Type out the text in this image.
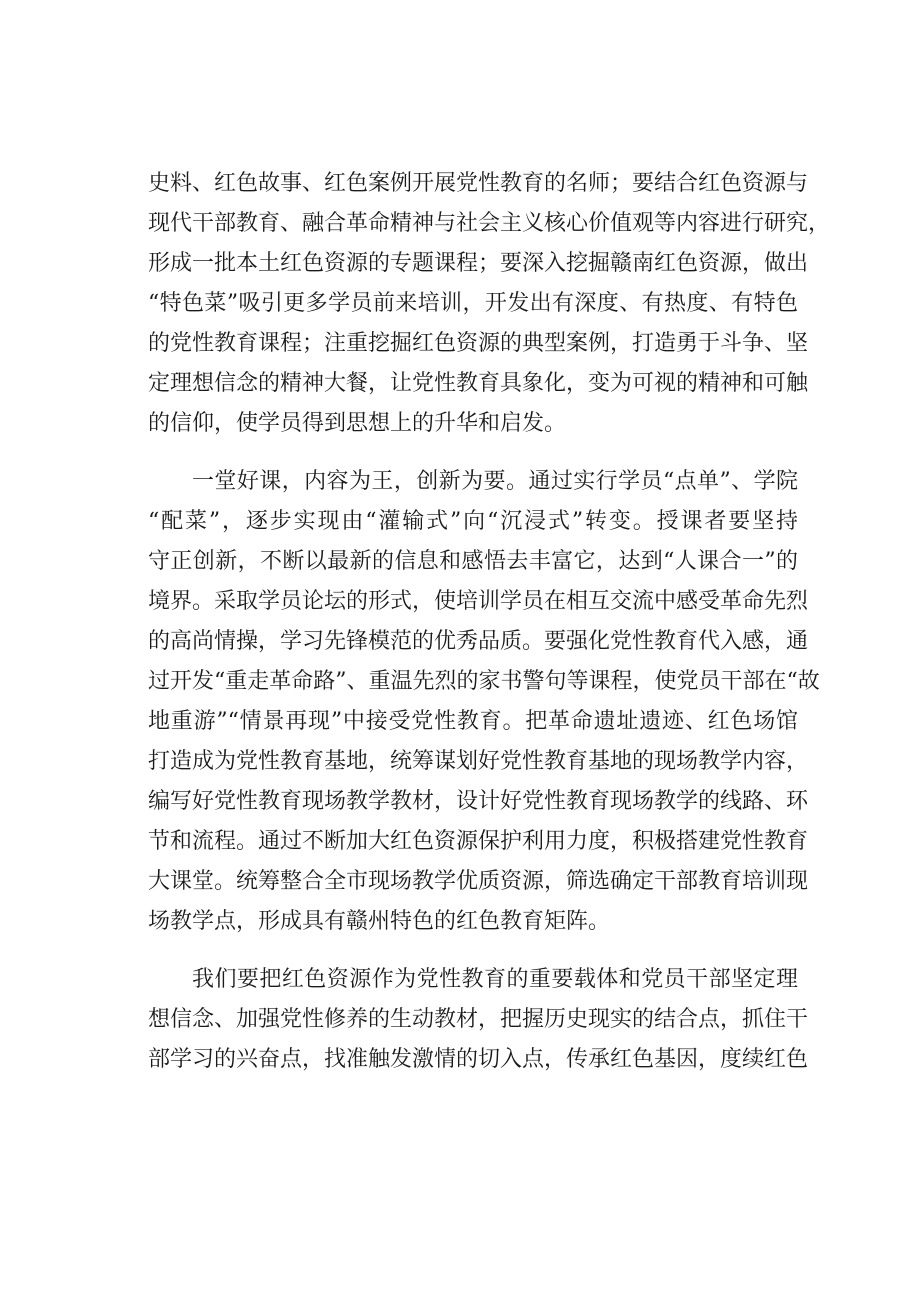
史料、红色故事、红色案例开展党性教育的名师；要结合红色资源与
现代干部教育、融合革命精神与社会主义核心价值观等内容进行研究，
形成一批本土红色资源的专题课程；要深入挖掘赣南红色资源，做出
“特色菜”吸引更多学员前来培训，开发出有深度、有热度、有特色
的党性教育课程；注重挖掘红色资源的典型案例，打造勇于斗争、坚
定理想信念的精神大餐，让党性教育具象化，变为可视的精神和可触
的信仰，使学员得到思想上的升华和启发。
一堂好课，内容为王，创新为要。通过实行学员“点单”、学院
“配菜”，逐步实现由“灌输式”向“沉浸式”转变。授课者要坚持
守正创新，不断以最新的信息和感悟去丰富它，达到“人课合一”的
境界。采取学员论坛的形式，使培训学员在相互交流中感受革命先烈
的高尚情操，学习先锋模范的优秀品质。要强化党性教育代入感，通
过开发“重走革命路”、重温先烈的家书警句等课程，使党员干部在“故
地重游”“情景再现”中接受党性教育。把革命遗址遗迹、红色场馆
打造成为党性教育基地，统筹谋划好党性教育基地的现场教学内容，
编写好党性教育现场教学教材，设计好党性教育现场教学的线路、环
节和流程。通过不断加大红色资源保护利用力度，积极搭建党性教育
大课堂。统筹整合全市现场教学优质资源，筛选确定干部教育培训现
场教学点，形成具有赣州特色的红色教育矩阵。
我们要把红色资源作为党性教育的重要载体和党员干部坚定理
想信念、加强党性修养的生动教材，把握历史现实的结合点，抓住干
部学习的兴奋点，找准触发激情的切入点，传承红色基因，度续红色
